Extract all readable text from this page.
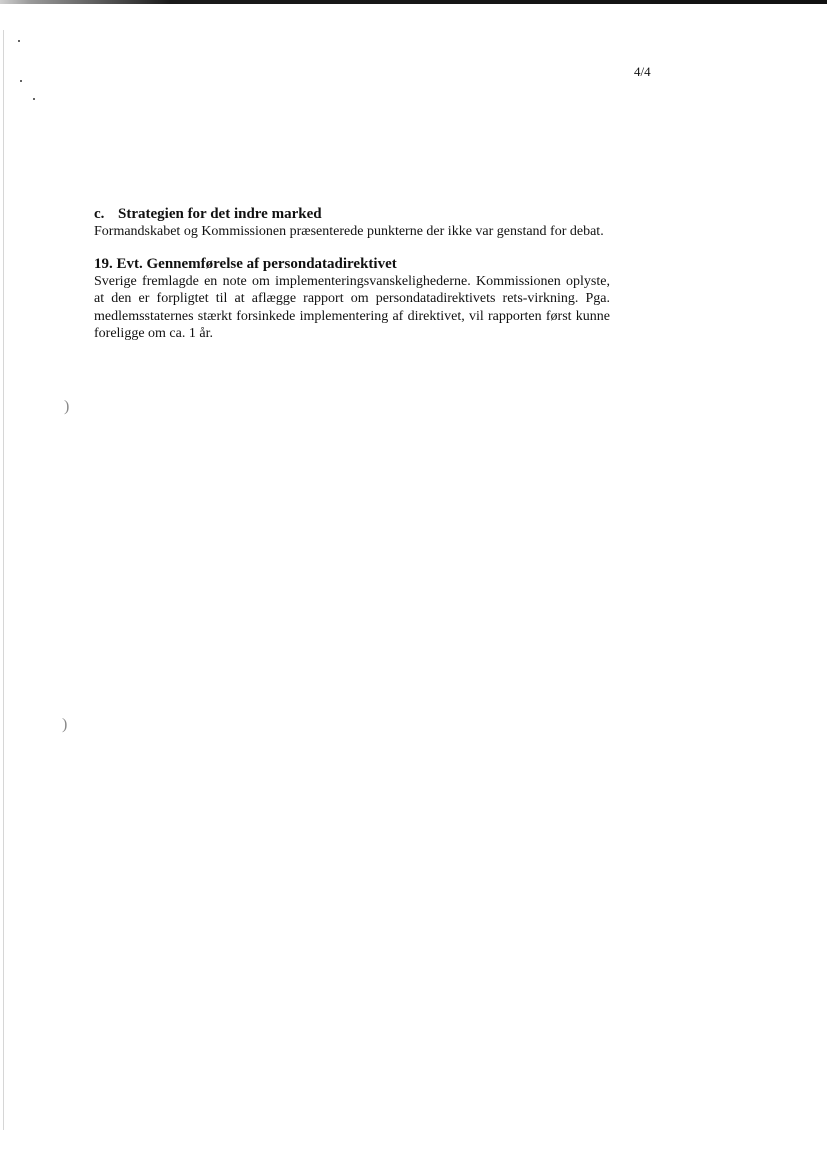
)
)
4/4

c. Strategien for det indre marked

Formandskabet og Kommissionen præsenterede punkterne der ikke var genstand for debat.

19. Evt. Gennemførelse af persondatadirektivet

Sverige fremlagde en note om implementeringsvanskelighederne. Kommissionen oplyste, at den er forpligtet til at aflægge rapport om persondatadirektivets rets-virkning. Pga. medlemsstaternes stærkt forsinkede implementering af direktivet, vil rapporten først kunne foreligge om ca. 1 år.
